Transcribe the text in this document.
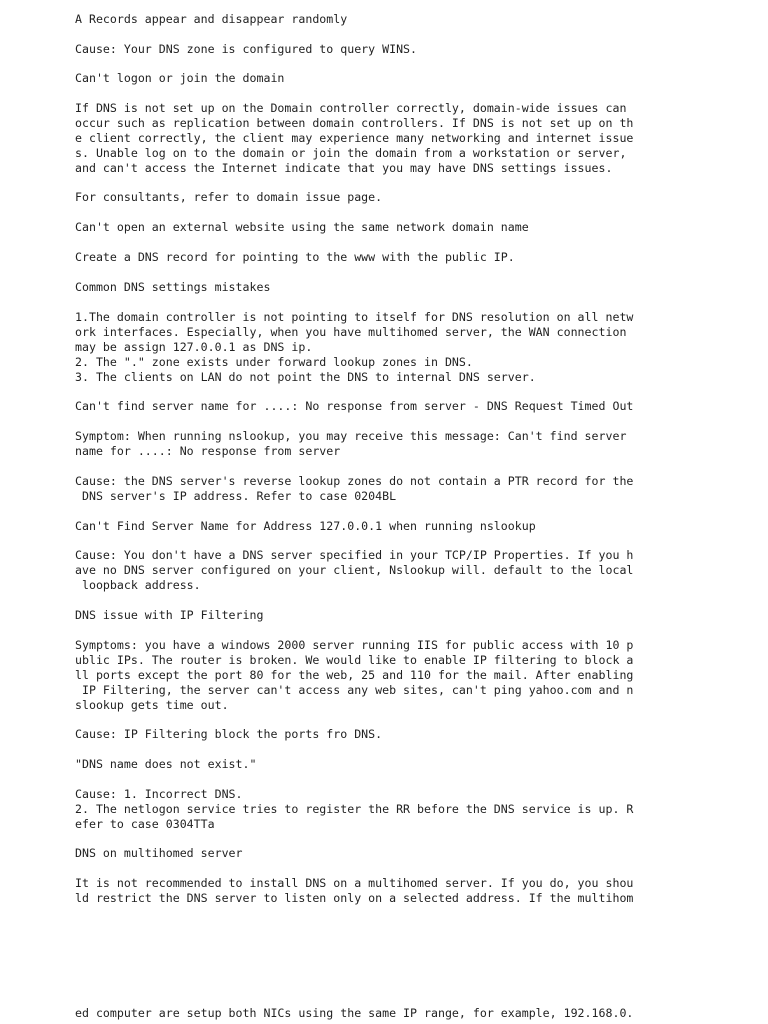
A Records appear and disappear randomly

Cause: Your DNS zone is configured to query WINS.

Can't logon or join the domain

If DNS is not set up on the Domain controller correctly, domain-wide issues can

occur such as replication between domain controllers. If DNS is not set up on th

e client correctly, the client may experience many networking and internet issue

s. Unable log on to the domain or join the domain from a workstation or server,

and can't access the Internet indicate that you may have DNS settings issues.

For consultants, refer to domain issue page.

Can't open an external website using the same network domain name

Create a DNS record for pointing to the www with the public IP.

Common DNS settings mistakes

1.The domain controller is not pointing to itself for DNS resolution on all netw

ork interfaces. Especially, when you have multihomed server, the WAN connection

may be assign 127.0.0.1 as DNS ip.

2. The "." zone exists under forward lookup zones in DNS.

3. The clients on LAN do not point the DNS to internal DNS server.

Can't find server name for ....: No response from server - DNS Request Timed Out

Symptom: When running nslookup, you may receive this message: Can't find server

name for ....: No response from server

Cause: the DNS server's reverse lookup zones do not contain a PTR record for the

DNS server's IP address. Refer to case 0204BL

Can't Find Server Name for Address 127.0.0.1 when running nslookup

Cause: You don't have a DNS server specified in your TCP/IP Properties. If you h

ave no DNS server configured on your client, Nslookup will. default to the local

loopback address.

DNS issue with IP Filtering

Symptoms: you have a windows 2000 server running IIS for public access with 10 p

ublic IPs. The router is broken. We would like to enable IP filtering to block a

ll ports except the port 80 for the web, 25 and 110 for the mail. After enabling

IP Filtering, the server can't access any web sites, can't ping yahoo.com and n

slookup gets time out.

Cause: IP Filtering block the ports fro DNS.

"DNS name does not exist."

Cause: 1. Incorrect DNS.

2. The netlogon service tries to register the RR before the DNS service is up. R

efer to case 0304TTa

DNS on multihomed server

It is not recommended to install DNS on a multihomed server. If you do, you shou

ld restrict the DNS server to listen only on a selected address. If the multihom

ed computer are setup both NICs using the same IP range, for example, 192.168.0.
